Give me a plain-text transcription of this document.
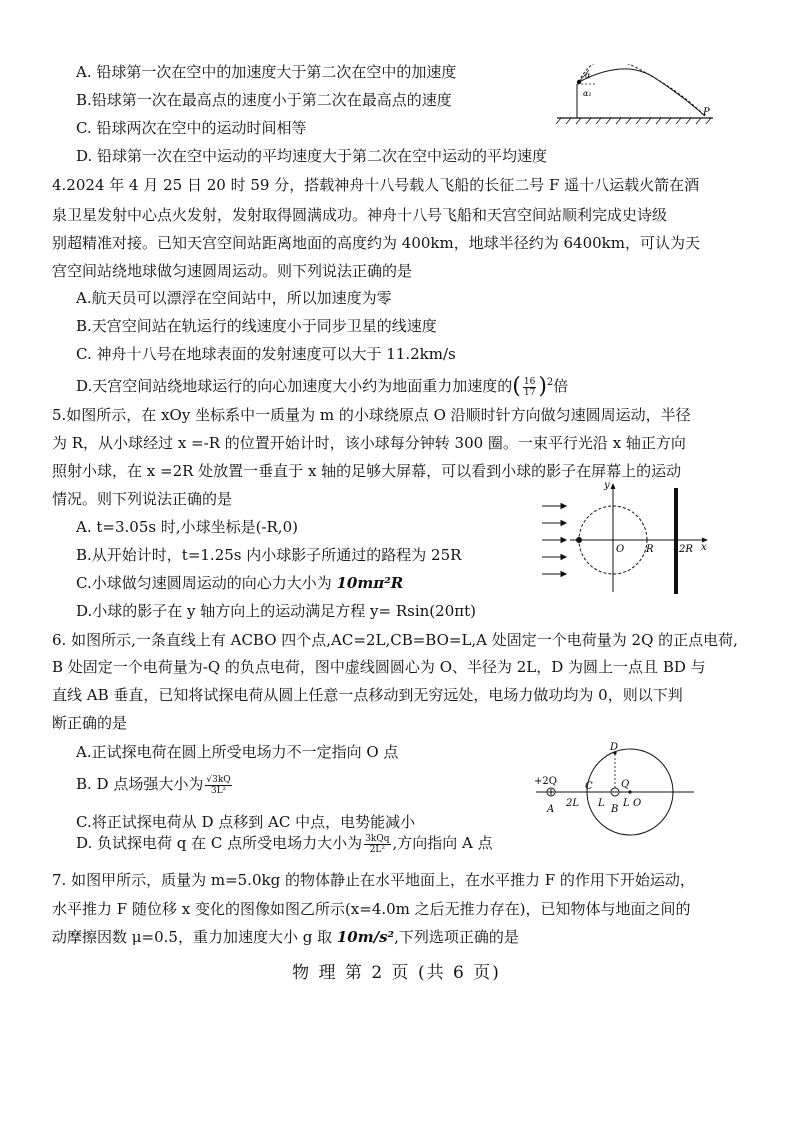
A. 铅球第一次在空中的加速度大于第二次在空中的加速度
B.铅球第一次在最高点的速度小于第二次在最高点的速度
C. 铅球两次在空中的运动时间相等
D. 铅球第一次在空中运动的平均速度大于第二次在空中运动的平均速度
α
α₁
P
4.2024 年 4 月 25 日 20 时 59 分，搭载神舟十八号载人飞船的长征二号 F 遥十八运载火箭在酒
泉卫星发射中心点火发射，发射取得圆满成功。神舟十八号飞船和天宫空间站顺利完成史诗级
别超精准对接。已知天宫空间站距离地面的高度约为 400km，地球半径约为 6400km，可认为天
宫空间站绕地球做匀速圆周运动。则下列说法正确的是
A.航天员可以漂浮在空间站中，所以加速度为零
B.天宫空间站在轨运行的线速度小于同步卫星的线速度
C. 神舟十八号在地球表面的发射速度可以大于 11.2km/s
D.天宫空间站绕地球运行的向心加速度大小约为地面重力加速度的( $\frac{16}{17} )^2$倍
5.如图所示，在 xOy 坐标系中一质量为 m 的小球绕原点 O 沿顺时针方向做匀速圆周运动，半径
为 R，从小球经过 x =-R 的位置开始计时，该小球每分钟转 300 圈。一束平行光沿 x 轴正方向
照射小球，在 x =2R 处放置一垂直于 x 轴的足够大屏幕，可以看到小球的影子在屏幕上的运动
情况。则下列说法正确的是
A. t=3.05s 时,小球坐标是(-R,0)
B.从开始计时，t=1.25s 内小球影子所通过的路程为 25R
C.小球做匀速圆周运动的向心力大小为 10mπ²R
D.小球的影子在 y 轴方向上的运动满足方程 y= Rsin(20πt)
y
O R	2R x
6. 如图所示,一条直线上有 ACBO 四个点,AC=2L,CB=BO=L,A 处固定一个电荷量为 2Q 的正点电荷,
B 处固定一个电荷量为-Q 的负点电荷，图中虚线圆圆心为 O、半径为 2L，D 为圆上一点且 BD 与
直线 AB 垂直，已知将试探电荷从圆上任意一点移动到无穷远处，电场力做功均为 0，则以下判
断正确的是
A.正试探电荷在圆上所受电场力不一定指向 O 点
B. D 点场强大小为 $\frac{√3kQ}{\text{3L²}}$
C.将正试探电荷从 D 点移到 AC 中点，电势能减小
D. 负试探电荷 q 在 C 点所受电场力大小为 $\frac{\text{3kQq}}{\text{2L²}}$ ,方向指向 A 点
D
+2Q	C	Q
A
2L L
B
L O
7. 如图甲所示，质量为 m=5.0kg 的物体静止在水平地面上，在水平推力 F 的作用下开始运动，
水平推力 F 随位移 x 变化的图像如图乙所示(x=4.0m 之后无推力存在)，已知物体与地面之间的
动摩擦因数 μ=0.5，重力加速度大小 g 取 10m/s²,下列选项正确的是
物 理 第 2 页 (共 6 页)
